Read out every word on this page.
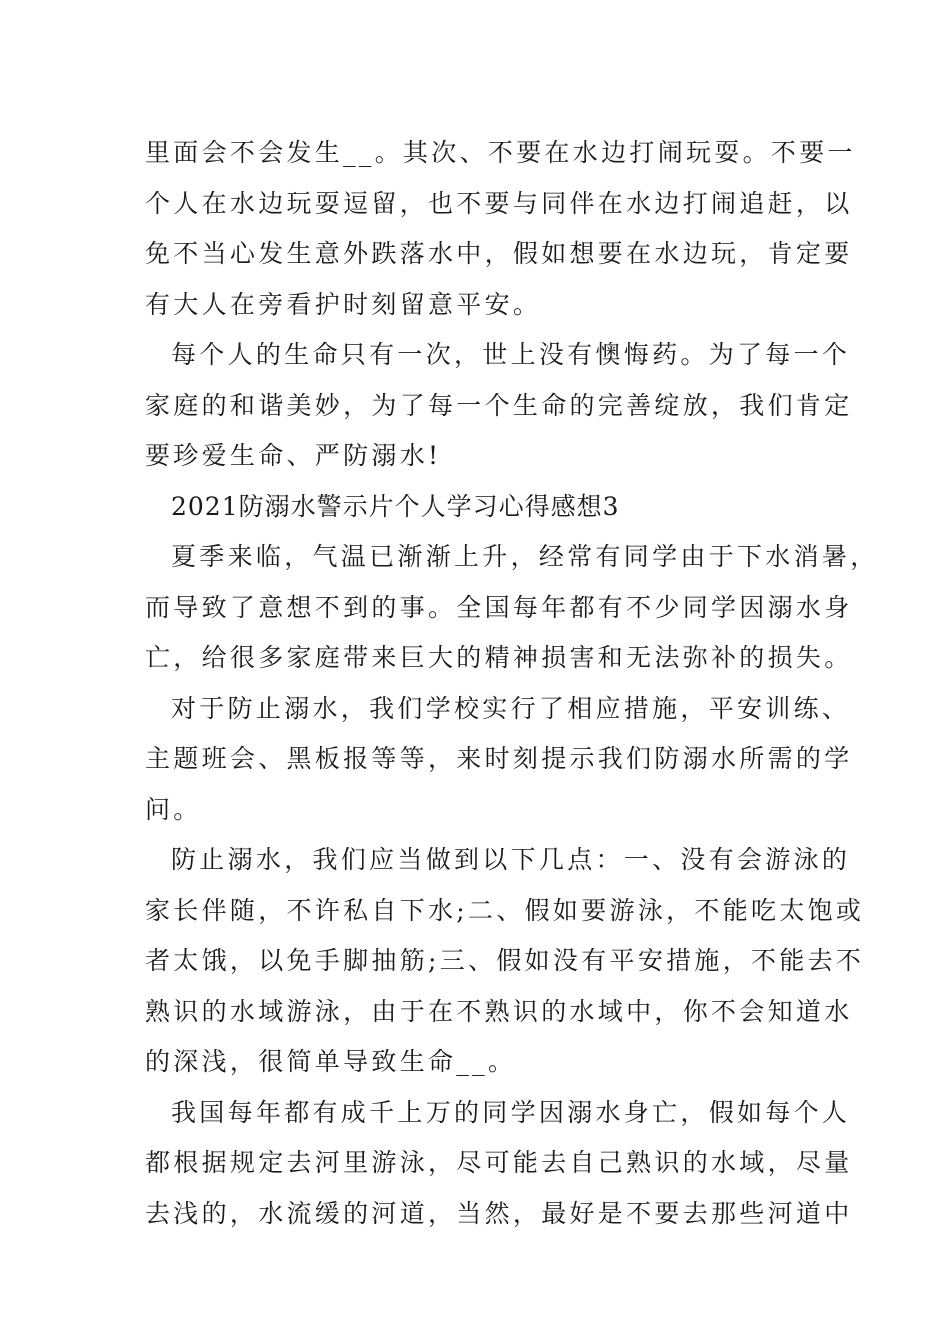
里面会不会发生__。其次、不要在水边打闹玩耍。不要一
个人在水边玩耍逗留，也不要与同伴在水边打闹追赶，以
免不当心发生意外跌落水中，假如想要在水边玩，肯定要
有大人在旁看护时刻留意平安。
每个人的生命只有一次，世上没有懊悔药。为了每一个
家庭的和谐美妙，为了每一个生命的完善绽放，我们肯定
要珍爱生命、严防溺水!
2021防溺水警示片个人学习心得感想3
夏季来临，气温已渐渐上升，经常有同学由于下水消暑，
而导致了意想不到的事。全国每年都有不少同学因溺水身
亡，给很多家庭带来巨大的精神损害和无法弥补的损失。
对于防止溺水，我们学校实行了相应措施，平安训练、
主题班会、黑板报等等，来时刻提示我们防溺水所需的学
问。
防止溺水，我们应当做到以下几点：一、没有会游泳的
家长伴随，不许私自下水;二、假如要游泳，不能吃太饱或
者太饿，以免手脚抽筋;三、假如没有平安措施，不能去不
熟识的水域游泳，由于在不熟识的水域中，你不会知道水
的深浅，很简单导致生命__。
我国每年都有成千上万的同学因溺水身亡，假如每个人
都根据规定去河里游泳，尽可能去自己熟识的水域，尽量
去浅的，水流缓的河道，当然，最好是不要去那些河道中
